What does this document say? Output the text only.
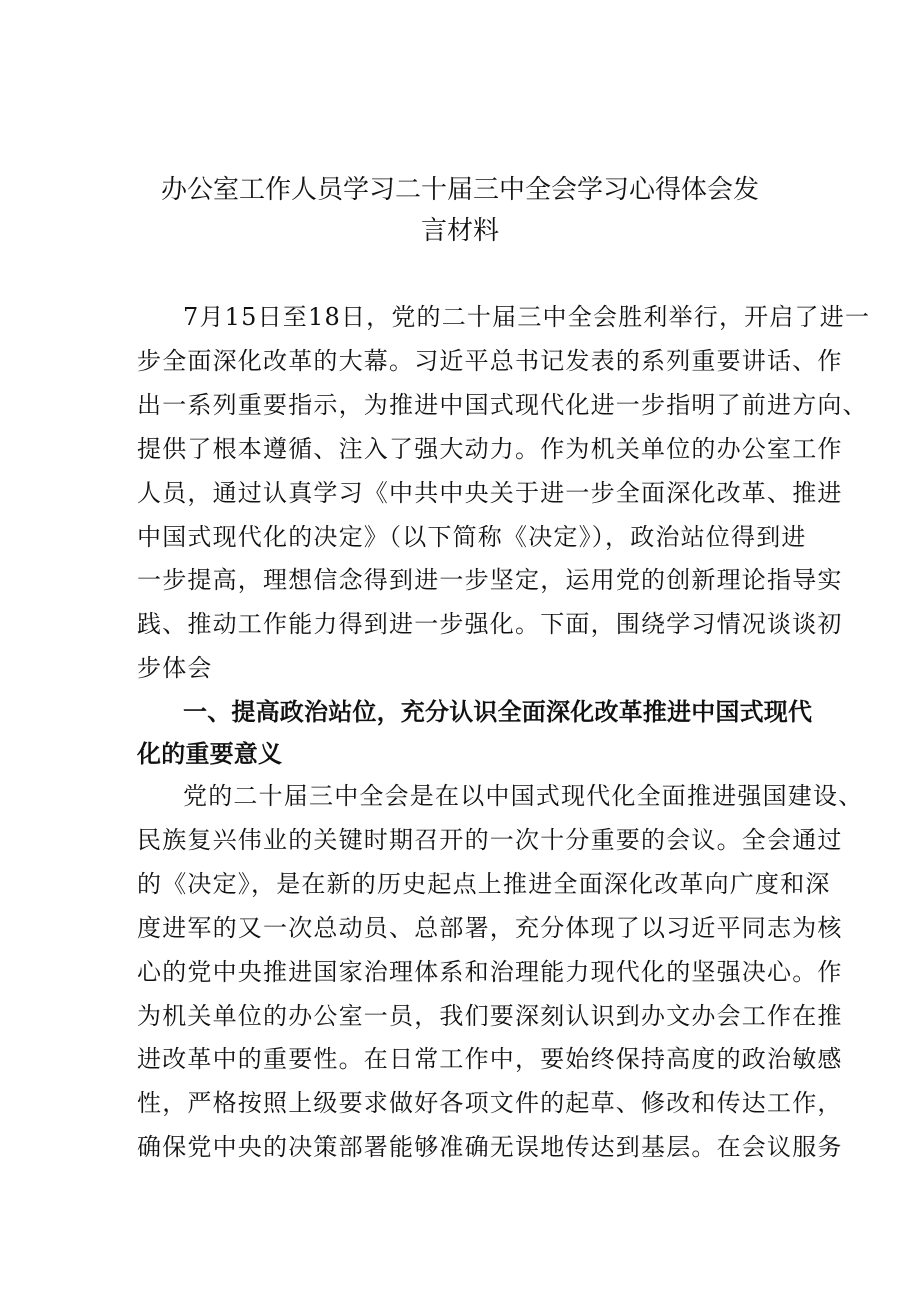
办公室工作人员学习二十届三中全会学习心得体会发
言材料

7月15日至18日，党的二十届三中全会胜利举行，开启了进一
步全面深化改革的大幕。习近平总书记发表的系列重要讲话、作
出一系列重要指示，为推进中国式现代化进一步指明了前进方向、
提供了根本遵循、注入了强大动力。作为机关单位的办公室工作
人员，通过认真学习《中共中央关于进一步全面深化改革、推进
中国式现代化的决定》（以下简称《决定》），政治站位得到进
一步提高，理想信念得到进一步坚定，运用党的创新理论指导实
践、推动工作能力得到进一步强化。下面，围绕学习情况谈谈初
步体会

一、提高政治站位，充分认识全面深化改革推进中国式现代
化的重要意义

党的二十届三中全会是在以中国式现代化全面推进强国建设、
民族复兴伟业的关键时期召开的一次十分重要的会议。全会通过
的《决定》，是在新的历史起点上推进全面深化改革向广度和深
度进军的又一次总动员、总部署，充分体现了以习近平同志为核
心的党中央推进国家治理体系和治理能力现代化的坚强决心。作
为机关单位的办公室一员，我们要深刻认识到办文办会工作在推
进改革中的重要性。在日常工作中，要始终保持高度的政治敏感
性，严格按照上级要求做好各项文件的起草、修改和传达工作，
确保党中央的决策部署能够准确无误地传达到基层。在会议服务
